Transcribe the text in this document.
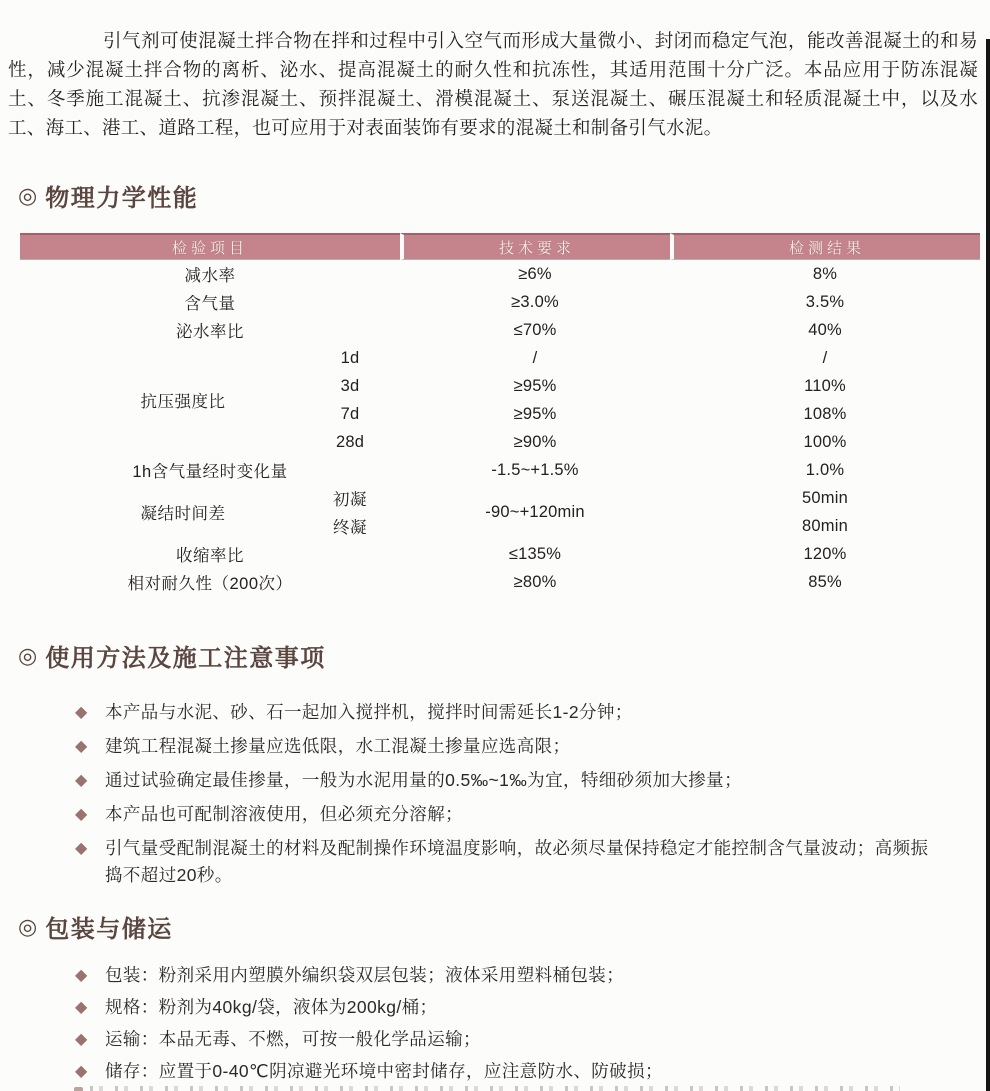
引气剂可使混凝土拌合物在拌和过程中引入空气而形成大量微小、封闭而稳定气泡，能改善混凝土的和易性，减少混凝土拌合物的离析、泌水、提高混凝土的耐久性和抗冻性，其适用范围十分广泛。本品应用于防冻混凝土、冬季施工混凝土、抗渗混凝土、预拌混凝土、滑模混凝土、泵送混凝土、碾压混凝土和轻质混凝土中，以及水工、海工、港工、道路工程，也可应用于对表面装饰有要求的混凝土和制备引气水泥。

◎ 物理力学性能
检验项目		技术要求	检测结果
减水率		≥6%	8%
含气量		≥3.0%	3.5%
泌水率比		≤70%	40%
抗压强度比	1d	/	/
	3d	≥95%	110%
	7d	≥95%	108%
	28d	≥90%	100%
1h含气量经时变化量		-1.5~+1.5%	1.0%
凝结时间差	初凝	-90~+120min	50min
	终凝		80min
收缩率比		≤135%	120%
相对耐久性（200次）		≥80%	85%
◎ 使用方法及施工注意事项
◆	本产品与水泥、砂、石一起加入搅拌机，搅拌时间需延长1-2分钟；
◆	建筑工程混凝土掺量应选低限，水工混凝土掺量应选高限；
◆	通过试验确定最佳掺量，一般为水泥用量的0.5‰~1‰为宜，特细砂须加大掺量；
◆	本产品也可配制溶液使用，但必须充分溶解；
◆	引气量受配制混凝土的材料及配制操作环境温度影响，故必须尽量保持稳定才能控制含气量波动；高频振捣不超过20秒。
◎ 包装与储运
◆	包装：粉剂采用内塑膜外编织袋双层包装；液体采用塑料桶包装；
◆	规格：粉剂为40kg/袋，液体为200kg/桶；
◆	运输：本品无毒、不燃，可按一般化学品运输；
◆	储存：应置于0-40℃阴凉避光环境中密封储存，应注意防水、防破损；
